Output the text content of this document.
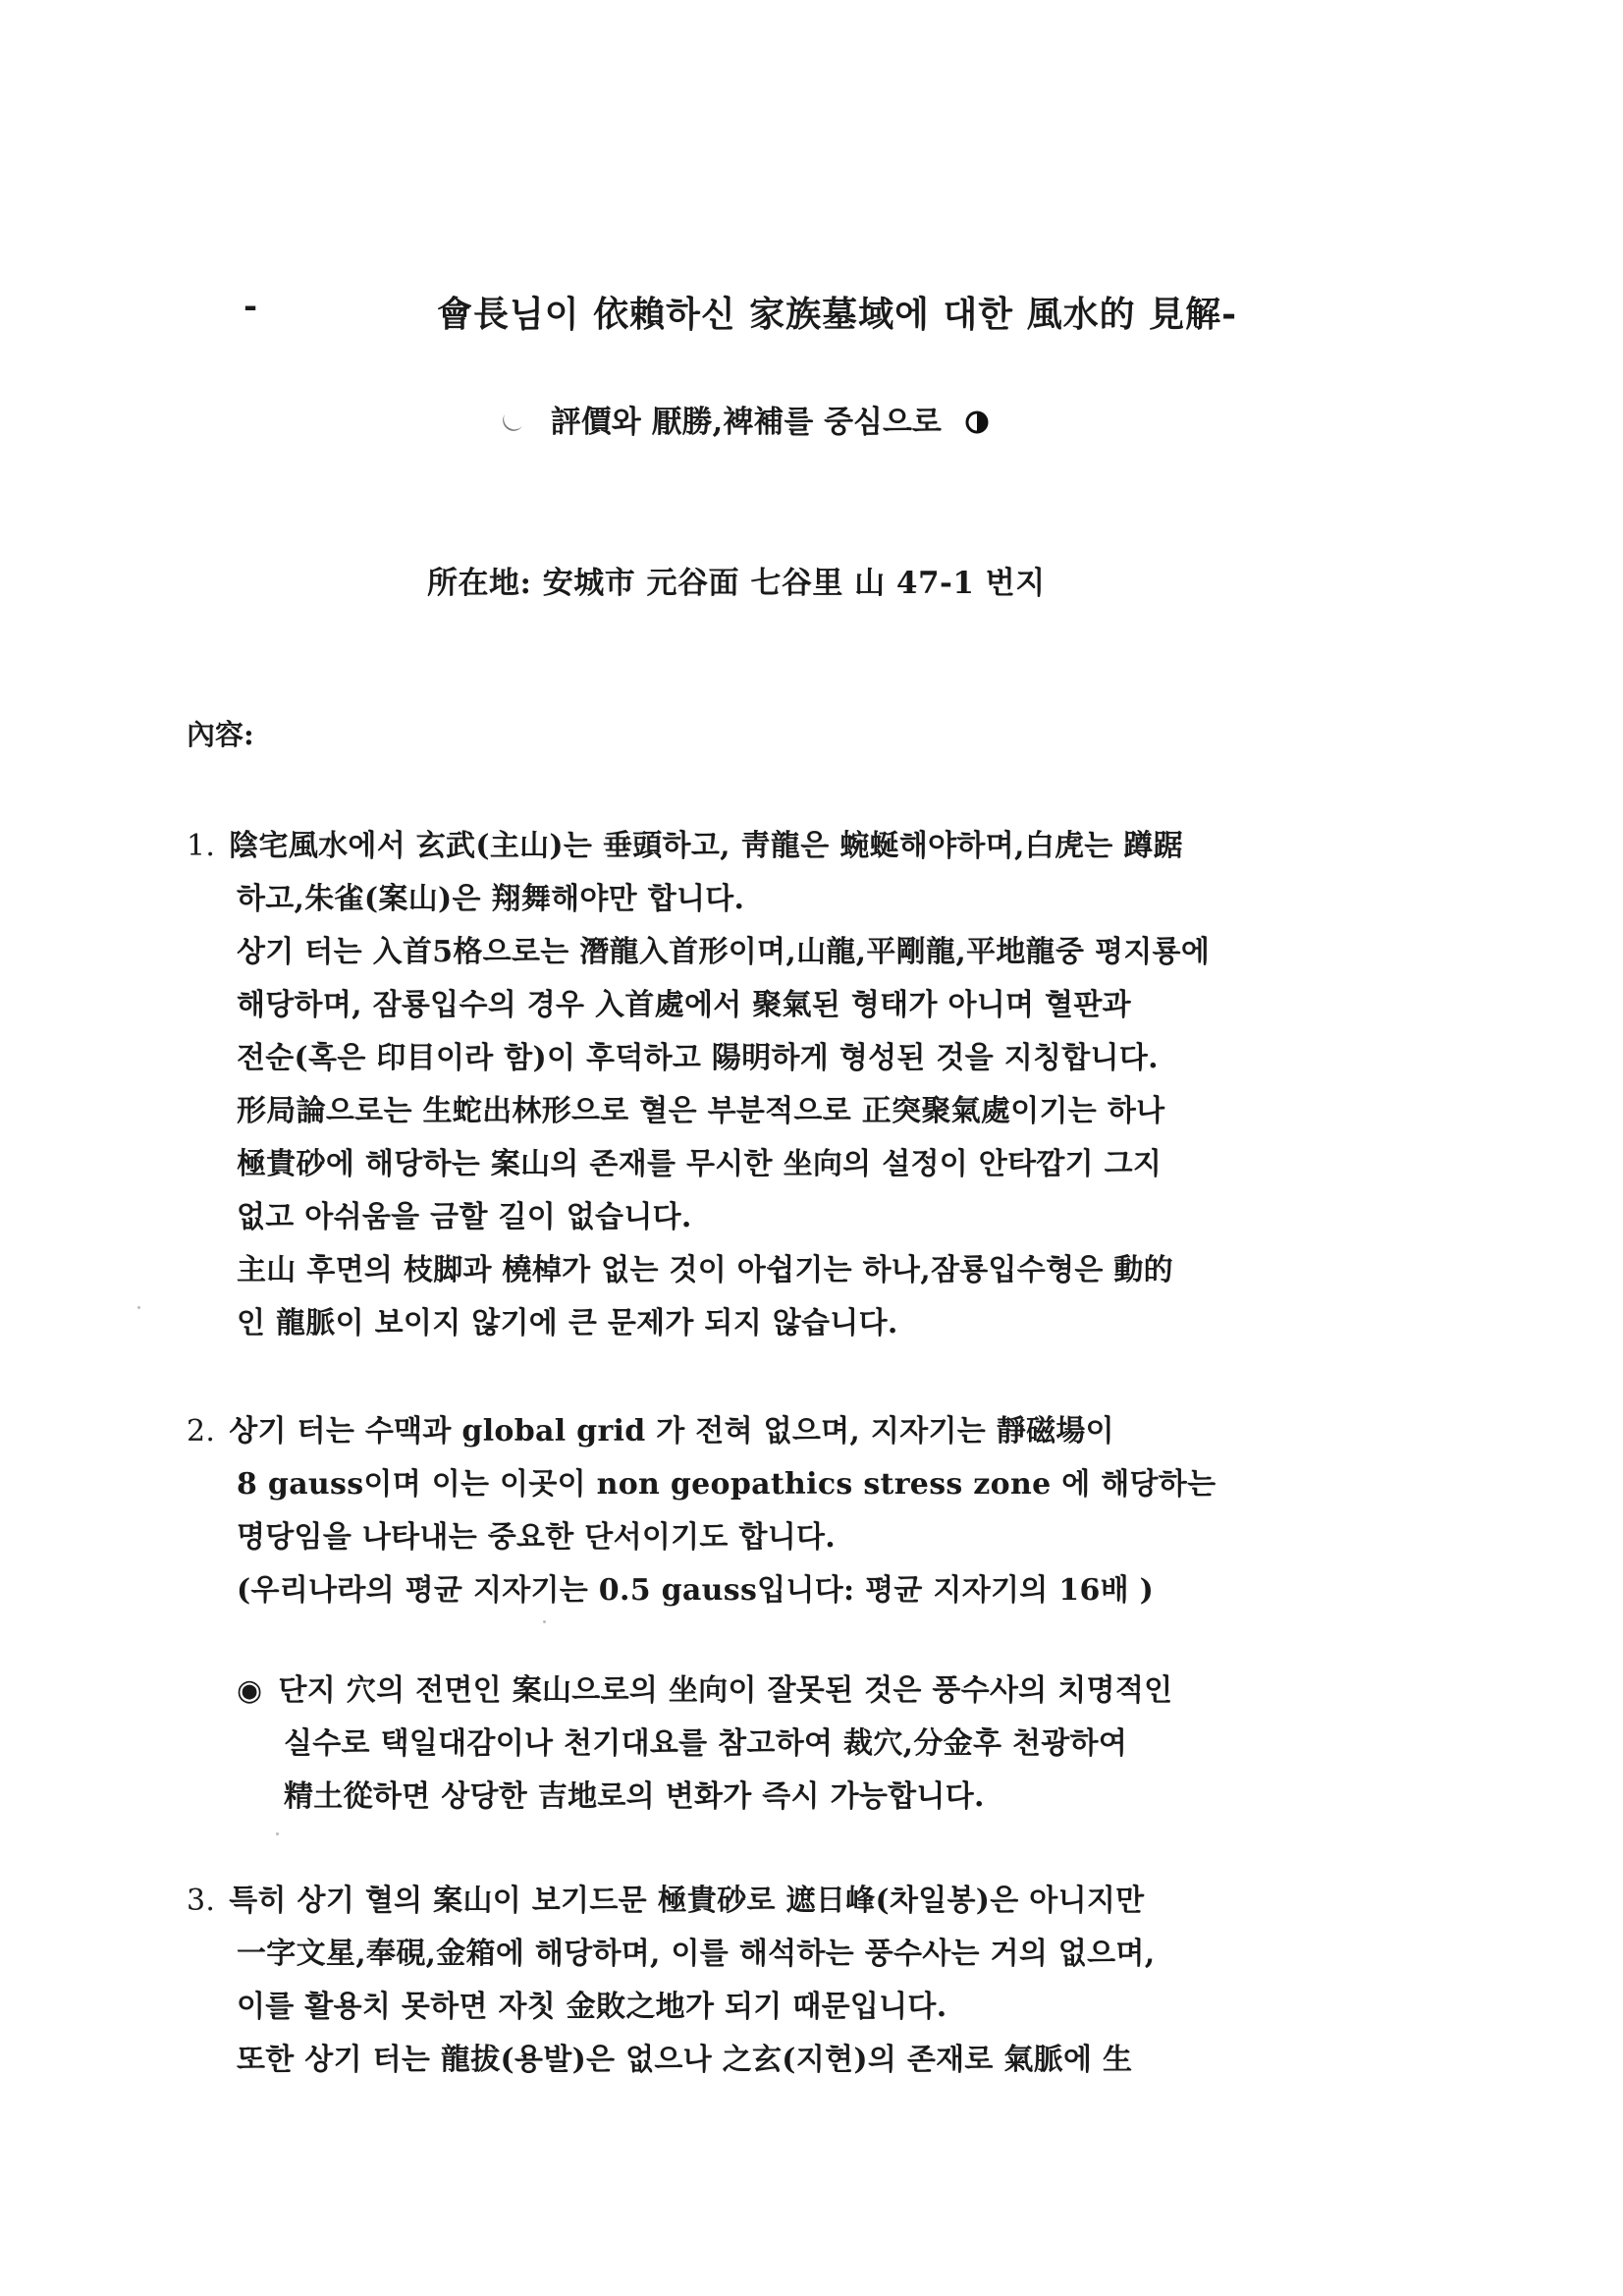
-	會長님이 依賴하신 家族墓域에 대한 風水的 見解-
評價와 厭勝,裨補를 중심으로
所在地: 安城市 元谷面 七谷里 山 47-1 번지
內容:
1. 陰宅風水에서 玄武(主山)는 垂頭하고, 靑龍은 蜿蜒해야하며,白虎는 蹲踞
하고,朱雀(案山)은 翔舞해야만 합니다.
상기 터는 入首5格으로는 潛龍入首形이며,山龍,平剛龍,平地龍중 평지룡에
해당하며, 잠룡입수의 경우 入首處에서 聚氣된 형태가 아니며 혈판과
전순(혹은 印目이라 함)이 후덕하고 陽明하게 형성된 것을 지칭합니다.
形局論으로는 生蛇出林形으로 혈은 부분적으로 正突聚氣處이기는 하나
極貴砂에 해당하는 案山의 존재를 무시한 坐向의 설정이 안타깝기 그지
없고 아쉬움을 금할 길이 없습니다.
主山 후면의 枝脚과 橈棹가 없는 것이 아쉽기는 하나,잠룡입수형은 動的
인 龍脈이 보이지 않기에 큰 문제가 되지 않습니다.
2. 상기 터는 수맥과 global grid 가 전혀 없으며, 지자기는 靜磁場이
8 gauss이며 이는 이곳이 non geopathics stress zone 에 해당하는
명당임을 나타내는 중요한 단서이기도 합니다.
(우리나라의 평균 지자기는 0.5 gauss입니다: 평균 지자기의 16배 )
◉ 단지 穴의 전면인 案山으로의 坐向이 잘못된 것은 풍수사의 치명적인
실수로 택일대감이나 천기대요를 참고하여 裁穴,分金후 천광하여
精土從하면 상당한 吉地로의 변화가 즉시 가능합니다.
3. 특히 상기 혈의 案山이 보기드문 極貴砂로 遮日峰(차일봉)은 아니지만
一字文星,奉硯,金箱에 해당하며, 이를 해석하는 풍수사는 거의 없으며,
이를 활용치 못하면 자칫 金敗之地가 되기 때문입니다.
또한 상기 터는 龍拔(용발)은 없으나 之玄(지현)의 존재로 氣脈에 生
